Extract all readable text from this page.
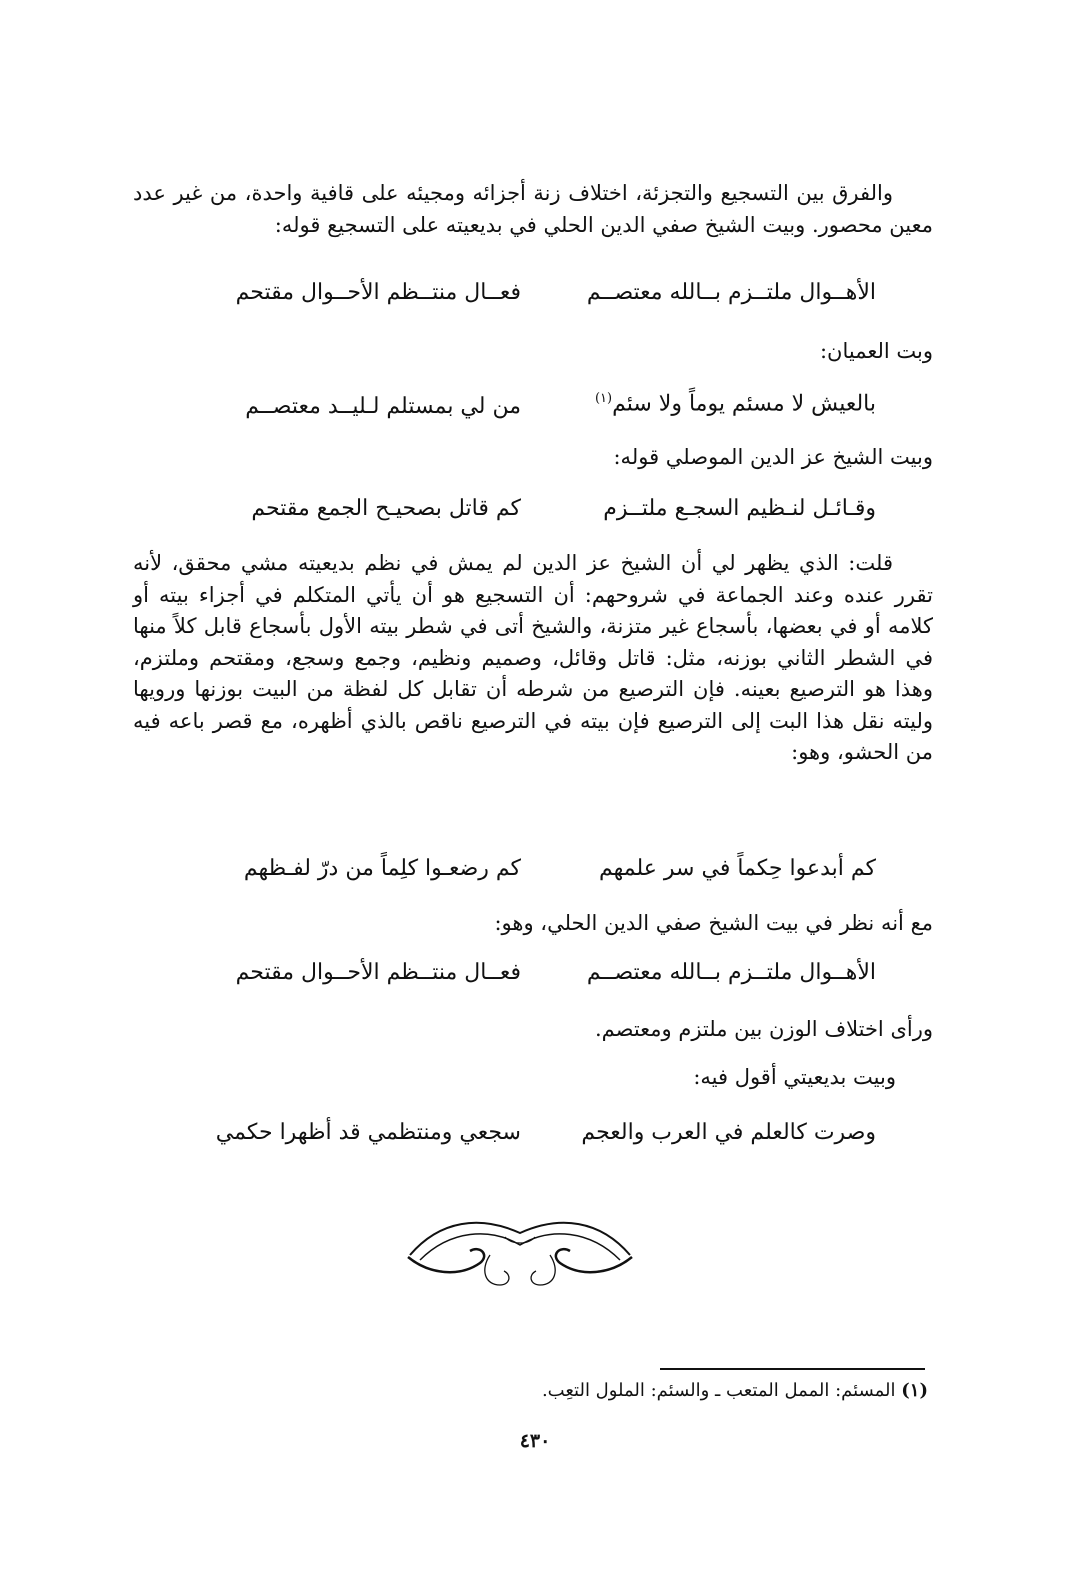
والفرق بين التسجيع والتجزئة، اختلاف زنة أجزائه ومجيئه على قافية واحدة، من غير عدد معين محصور. وبيت الشيخ صفي الدين الحلي في بديعيته على التسجيع قوله:
فعــال منتــظم الأحــوال مقتحم	الأهــوال ملتــزم بــالله معتصــم
وبت العميان:
من لي بمستلم لـليــد معتصــم	بالعيش لا مسئم يوماً ولا سئم$^{(١)}$
وبيت الشيخ عز الدين الموصلي قوله:
كم قاتل بصحيـح الجمع مقتحم	وقـائـل لنـظيم السجـع ملتــزم
قلت: الذي يظهر لي أن الشيخ عز الدين لم يمش في نظم بديعيته مشي محقق، لأنه تقرر عنده وعند الجماعة في شروحهم: أن التسجيع هو أن يأتي المتكلم في أجزاء بيته أو كلامه أو في بعضها، بأسجاع غير متزنة، والشيخ أتى في شطر بيته الأول بأسجاع قابل كلاً منها في الشطر الثاني بوزنه، مثل: قاتل وقائل، وصميم ونظيم، وجمع وسجع، ومقتحم وملتزم، وهذا هو الترصيع بعينه. فإن الترصيع من شرطه أن تقابل كل لفظة من البيت بوزنها ورويها وليته نقل هذا البت إلى الترصيع فإن بيته في الترصيع ناقص بالذي أظهره، مع قصر باعه فيه من الحشو، وهو:
كم رضعـوا كلِماً من درّ لفـظهم	كم أبدعوا حِكماً في سر علمهم
مع أنه نظر في بيت الشيخ صفي الدين الحلي، وهو:
فعــال منتــظم الأحــوال مقتحم	الأهــوال ملتــزم بــالله معتصــم
ورأى اختلاف الوزن بين ملتزم ومعتصم.
وبيت بديعيتي أقول فيه:
سجعي ومنتظمي قد أظهرا حكمي	وصرت كالعلم في العرب والعجم
(١) المسئم: الممل المتعب ـ والسئم: الملول التعِب.
٤٣٠
